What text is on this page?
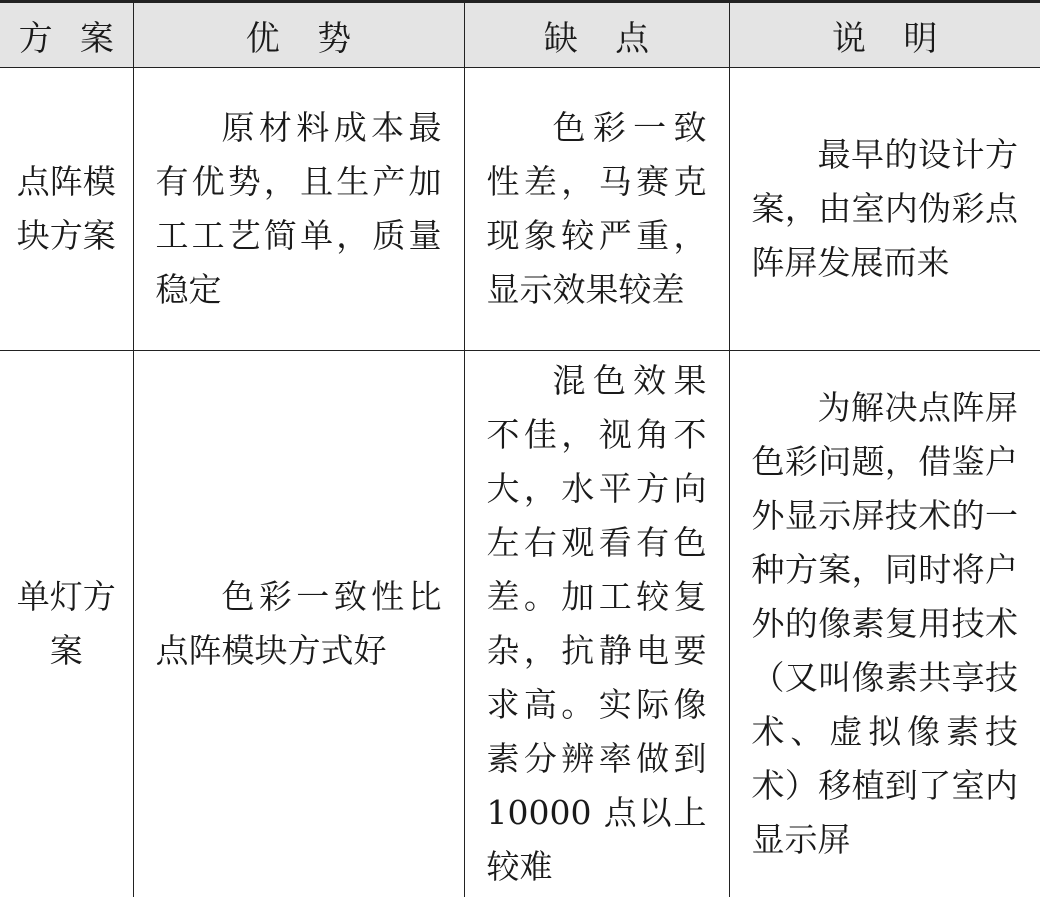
方案	优势	缺点	说明

点阵模块方案	原材料成本最有优势，且生产加工工艺简单，质量稳定	色彩一致性差，马赛克现象较严重，显示效果较差	最早的设计方案，由室内伪彩点阵屏发展而来

单灯方案	色彩一致性比点阵模块方式好	混色效果不佳，视角不大，水平方向左右观看有色差。加工较复杂，抗静电要求高。实际像素分辨率做到 10000 点以上较难	为解决点阵屏色彩问题，借鉴户外显示屏技术的一种方案，同时将户外的像素复用技术（又叫像素共享技术、虚拟像素技术）移植到了室内显示屏
